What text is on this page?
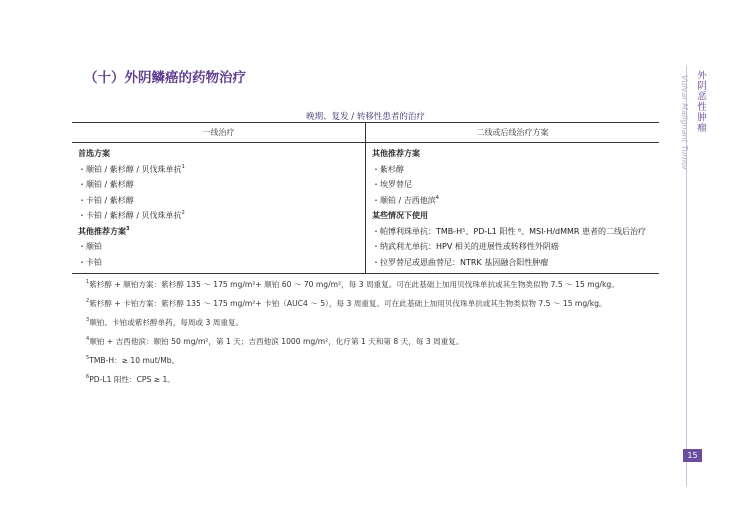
（十）外阴鳞癌的药物治疗
晚期、复发 / 转移性患者的治疗
一线治疗	二线或后线治疗方案
首选方案
・顺铂 / 紫杉醇 / 贝伐珠单抗$^1$
・顺铂 / 紫杉醇
・卡铂 / 紫杉醇
・卡铂 / 紫杉醇 / 贝伐珠单抗$^2$
其他推荐方案$^3$
・顺铂
・卡铂
其他推荐方案
・紫杉醇
・埃罗替尼
・顺铂 / 吉西他滨$^4$
某些情况下使用
・帕博利珠单抗：TMB-H⁵、PD-L1 阳性 ⁶、MSI-H/dMMR 患者的二线后治疗
・纳武利尤单抗：HPV 相关的进展性或转移性外阴癌
・拉罗替尼或恩曲替尼：NTRK 基因融合阳性肿瘤
$^1$紫杉醇 + 顺铂方案：紫杉醇 135 ～ 175 mg/m²+ 顺铂 60 ～ 70 mg/m²，每 3 周重复。可在此基础上加用贝伐珠单抗或其生物类似物 7.5 ～ 15 mg/kg。
$^2$紫杉醇 + 卡铂方案：紫杉醇 135 ～ 175 mg/m²+ 卡铂（AUC4 ～ 5），每 3 周重复。可在此基础上加用贝伐珠单抗或其生物类似物 7.5 ～ 15 mg/kg。
$^3$顺铂、卡铂或紫杉醇单药，每周或 3 周重复。
$^4$顺铂 + 吉西他滨：顺铂 50 mg/m²，第 1 天；吉西他滨 1000 mg/m²，化疗第 1 天和第 8 天，每 3 周重复。
$^5$TMB-H：≥ 10 mut/Mb。
$^6$PD-L1 阳性：CPS ≥ 1。
外阴恶性肿瘤
Vulvar Malignant Tumor
15
